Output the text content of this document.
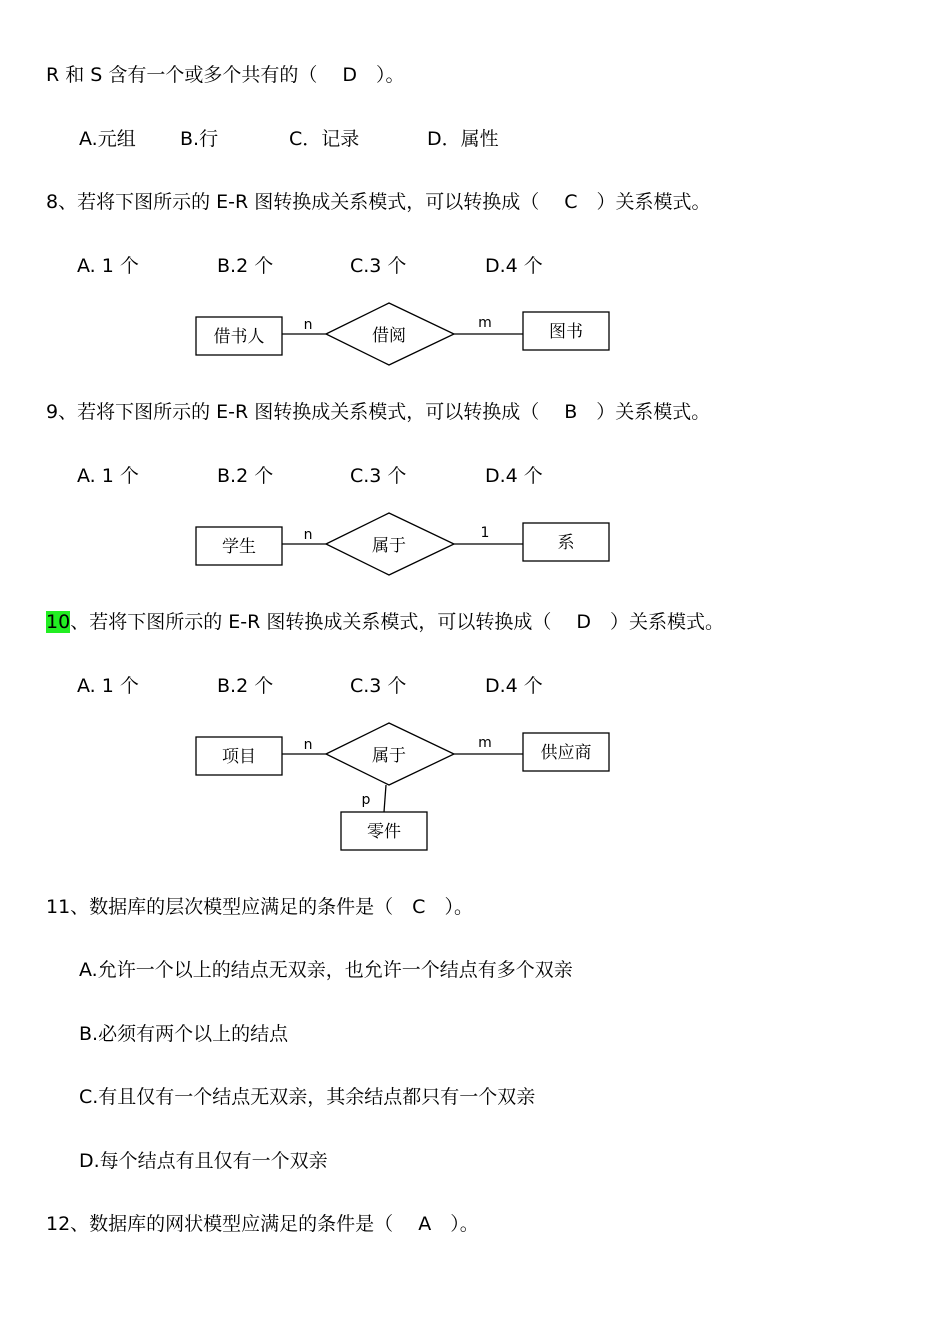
R 和 S 含有一个或多个共有的（　 D　）。
A.元组 B.行	C．记录	D．属性
8、若将下图所示的 E-R 图转换成关系模式，可以转换成（　 C　）关系模式。
A. 1 个	B.2 个	C.3 个	D.4 个
借书人
n
借阅
m	图书
9、若将下图所示的 E-R 图转换成关系模式，可以转换成（　 B　）关系模式。
A. 1 个	B.2 个	C.3 个	D.4 个
学生
n
属于
1	系
10、若将下图所示的 E-R 图转换成关系模式，可以转换成（　 D　）关系模式。
A. 1 个	B.2 个	C.3 个	D.4 个
项目
n
属于
m	供应商
p
零件
11、数据库的层次模型应满足的条件是（　C　）。
A.允许一个以上的结点无双亲，也允许一个结点有多个双亲
B.必须有两个以上的结点
C.有且仅有一个结点无双亲，其余结点都只有一个双亲
D.每个结点有且仅有一个双亲
12、数据库的网状模型应满足的条件是（　 A　）。
